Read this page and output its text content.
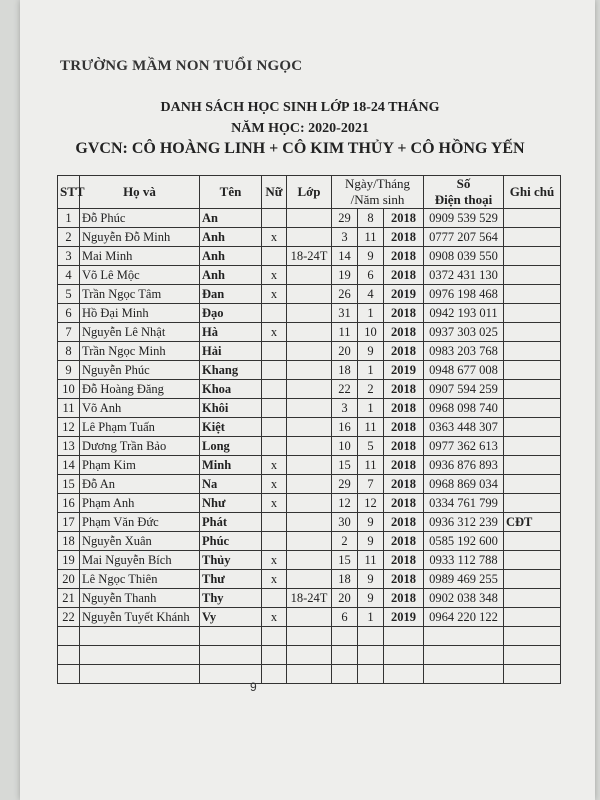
TRƯỜNG MẦM NON TUỔI NGỌC
DANH SÁCH HỌC SINH LỚP 18-24 THÁNG
NĂM HỌC: 2020-2021
GVCN: CÔ HOÀNG LINH + CÔ KIM THỦY + CÔ HỒNG YẾN
STT	Họ và	Tên	Nữ	Lớp	Ngày/Tháng			Số	Ghi chú
					/Năm sinh			Điện thoại	
1	Đỗ Phúc	An			29	8	2018	0909 539 529	
2	Nguyễn Đỗ Minh	Anh	x		3	11	2018	0777 207 564	
3	Mai Minh	Anh		18-24T	14	9	2018	0908 039 550	
4	Võ Lê Mộc	Anh	x		19	6	2018	0372 431 130	
5	Trần Ngọc Tâm	Đan	x		26	4	2019	0976 198 468	
6	Hồ Đại Minh	Đạo			31	1	2018	0942 193 011	
7	Nguyễn Lê Nhật	Hà	x		11	10	2018	0937 303 025	
8	Trần Ngọc Minh	Hải			20	9	2018	0983 203 768	
9	Nguyễn Phúc	Khang			18	1	2019	0948 677 008	
10	Đỗ Hoàng Đăng	Khoa			22	2	2018	0907 594 259	
11	Võ Anh	Khôi			3	1	2018	0968 098 740	
12	Lê Phạm Tuấn	Kiệt			16	11	2018	0363 448 307	
13	Dương Trần Bảo	Long			10	5	2018	0977 362 613	
14	Phạm Kim	Minh	x		15	11	2018	0936 876 893	
15	Đỗ An	Na	x		29	7	2018	0968 869 034	
16	Phạm Anh	Như	x		12	12	2018	0334 761 799	
17	Phạm Văn Đức	Phát			30	9	2018	0936 312 239	CĐT
18	Nguyễn Xuân	Phúc			2	9	2018	0585 192 600	
19	Mai Nguyễn Bích	Thủy	x		15	11	2018	0933 112 788	
20	Lê Ngọc Thiên	Thư	x		18	9	2018	0989 469 255	
21	Nguyễn Thanh	Thy		18-24T	20	9	2018	0902 038 348	
22	Nguyễn Tuyết Khánh	Vy	x		6	1	2019	0964 220 122	

9
